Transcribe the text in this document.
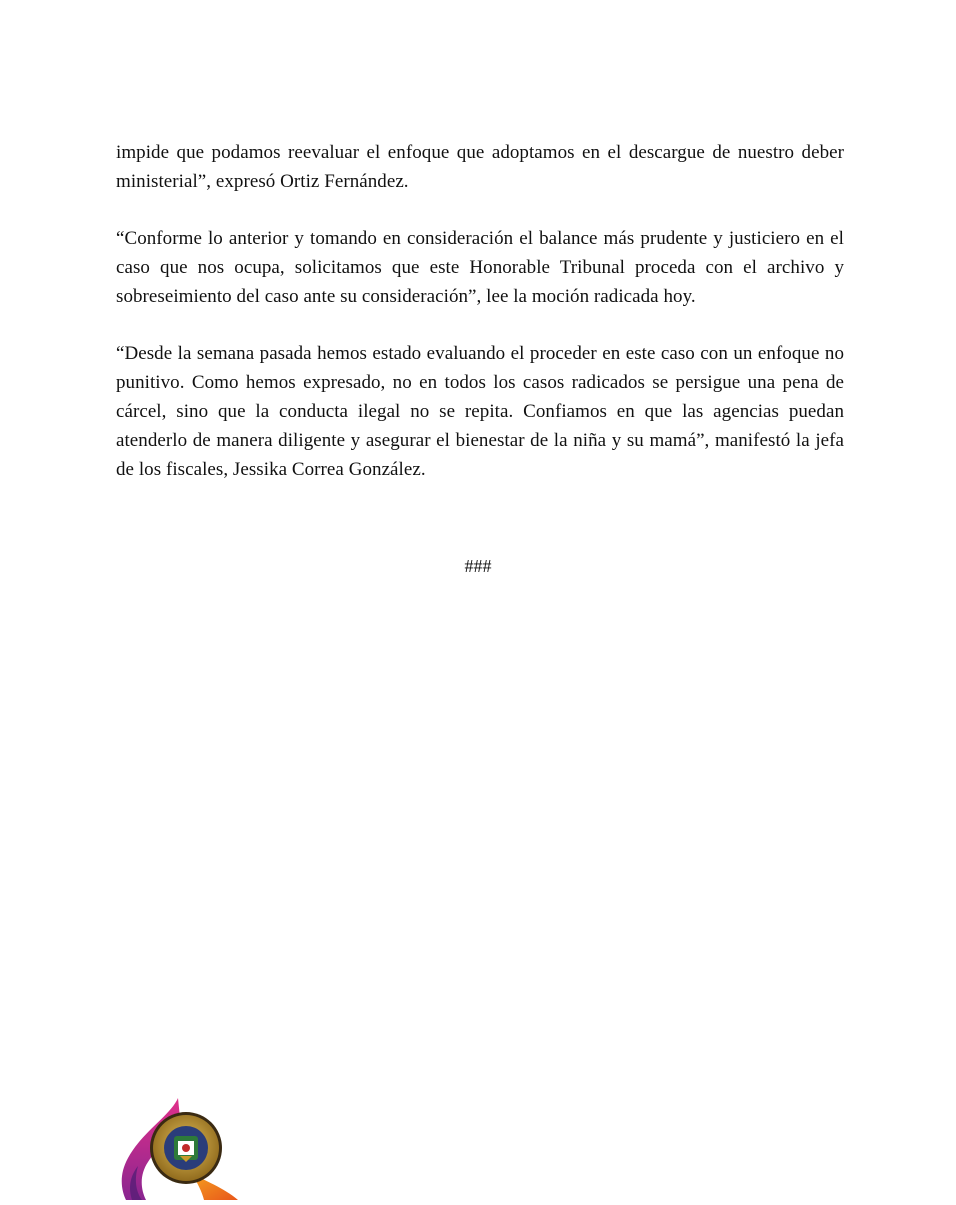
impide que podamos reevaluar el enfoque que adoptamos en el descargue de nuestro deber ministerial”, expresó Ortiz Fernández.

“Conforme lo anterior y tomando en consideración el balance más prudente y justiciero en el caso que nos ocupa, solicitamos que este Honorable Tribunal proceda con el archivo y sobreseimiento del caso ante su consideración”, lee la moción radicada hoy.

“Desde la semana pasada hemos estado evaluando el proceder en este caso con un enfoque no punitivo. Como hemos expresado, no en todos los casos radicados se persigue una pena de cárcel, sino que la conducta ilegal no se repita. Confiamos en que las agencias puedan atenderlo de manera diligente y asegurar el bienestar de la niña y su mamá”, manifestó la jefa de los fiscales, Jessika Correa González.

###
